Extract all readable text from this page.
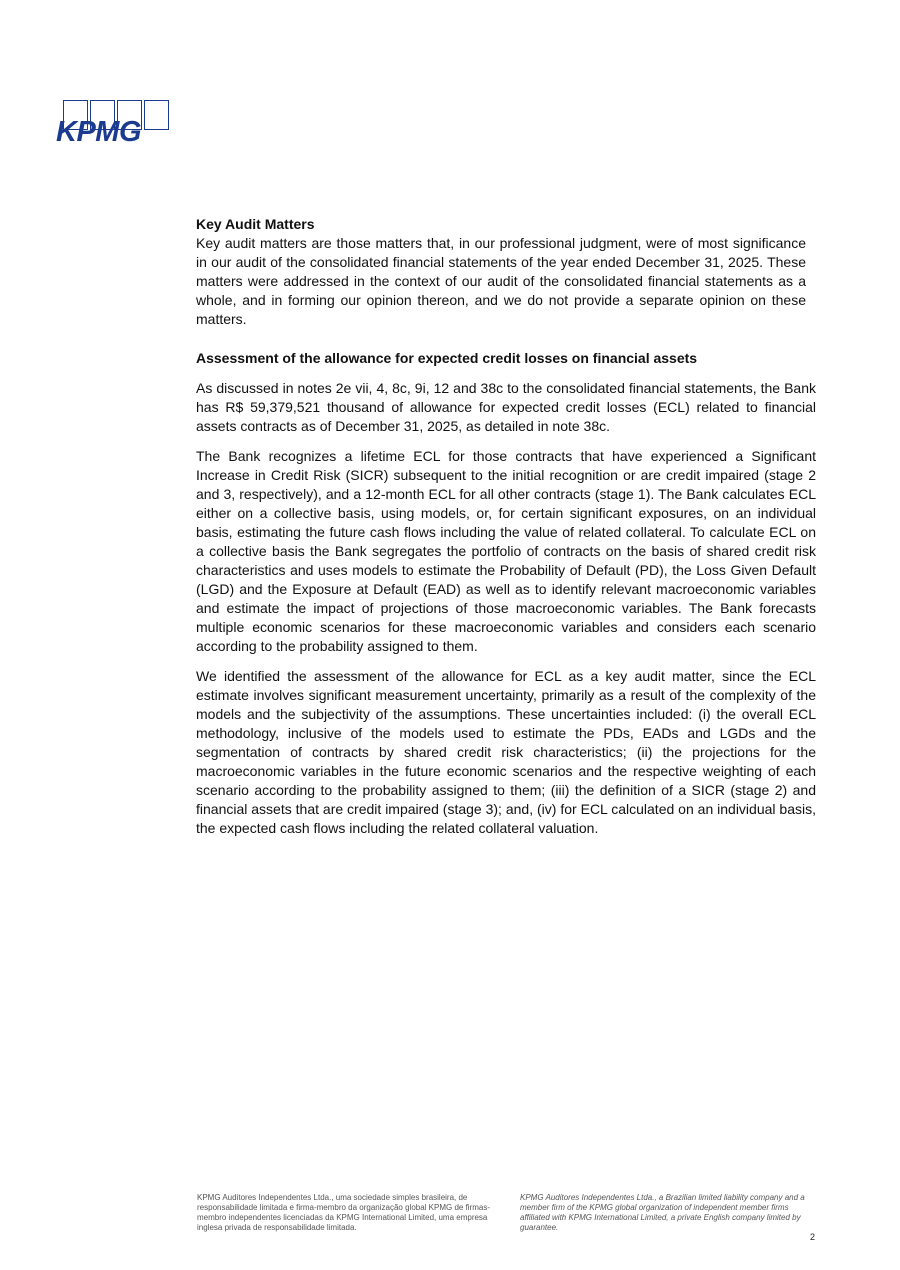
KPMG
Key Audit Matters

Key audit matters are those matters that, in our professional judgment, were of most significance in our audit of the consolidated financial statements of the year ended December 31, 2025. These matters were addressed in the context of our audit of the consolidated financial statements as a whole, and in forming our opinion thereon, and we do not provide a separate opinion on these matters.

Assessment of the allowance for expected credit losses on financial assets

As discussed in notes 2e vii, 4, 8c, 9i, 12 and 38c to the consolidated financial statements, the Bank has R$ 59,379,521 thousand of allowance for expected credit losses (ECL) related to financial assets contracts as of December 31, 2025, as detailed in note 38c.

The Bank recognizes a lifetime ECL for those contracts that have experienced a Significant Increase in Credit Risk (SICR) subsequent to the initial recognition or are credit impaired (stage 2 and 3, respectively), and a 12-month ECL for all other contracts (stage 1). The Bank calculates ECL either on a collective basis, using models, or, for certain significant exposures, on an individual basis, estimating the future cash flows including the value of related collateral. To calculate ECL on a collective basis the Bank segregates the portfolio of contracts on the basis of shared credit risk characteristics and uses models to estimate the Probability of Default (PD), the Loss Given Default (LGD) and the Exposure at Default (EAD) as well as to identify relevant macroeconomic variables and estimate the impact of projections of those macroeconomic variables. The Bank forecasts multiple economic scenarios for these macroeconomic variables and considers each scenario according to the probability assigned to them.

We identified the assessment of the allowance for ECL as a key audit matter, since the ECL estimate involves significant measurement uncertainty, primarily as a result of the complexity of the models and the subjectivity of the assumptions. These uncertainties included: (i) the overall ECL methodology, inclusive of the models used to estimate the PDs, EADs and LGDs and the segmentation of contracts by shared credit risk characteristics; (ii) the projections for the macroeconomic variables in the future economic scenarios and the respective weighting of each scenario according to the probability assigned to them; (iii) the definition of a SICR (stage 2) and financial assets that are credit impaired (stage 3); and, (iv) for ECL calculated on an individual basis, the expected cash flows including the related collateral valuation.

KPMG Auditores Independentes Ltda., uma sociedade simples brasileira, de responsabilidade limitada e firma-membro da organização global KPMG de firmas-membro independentes licenciadas da KPMG International Limited, uma empresa inglesa privada de responsabilidade limitada.
KPMG Auditores Independentes Ltda., a Brazilian limited liability company and a member firm of the KPMG global organization of independent member firms affiliated with KPMG International Limited, a private English company limited by guarantee.
2
